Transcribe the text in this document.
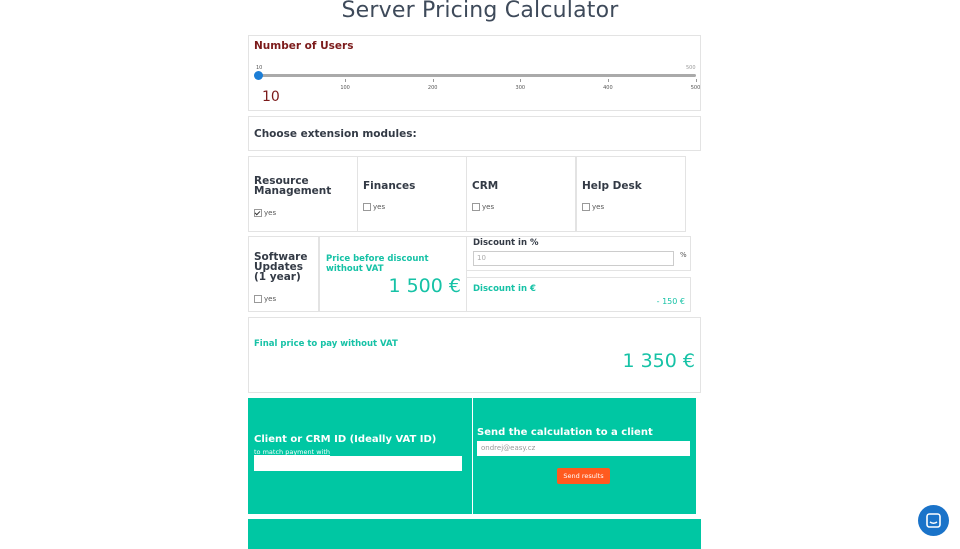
Server Pricing Calculator
Number of Users
10	500
100	200	300	400	500
10
Choose extension modules:
Resource Management
yes
Finances
yes
CRM
yes
Help Desk
yes
Software Updates (1 year)
yes
Price before discount without VAT
1 500 €
Discount in %
10	%
Discount in €
- 150 €
Final price to pay without VAT
1 350 €
Client or CRM ID (Ideally VAT ID)
to match payment with
Send the calculation to a client
ondrej@easy.cz
Send results
